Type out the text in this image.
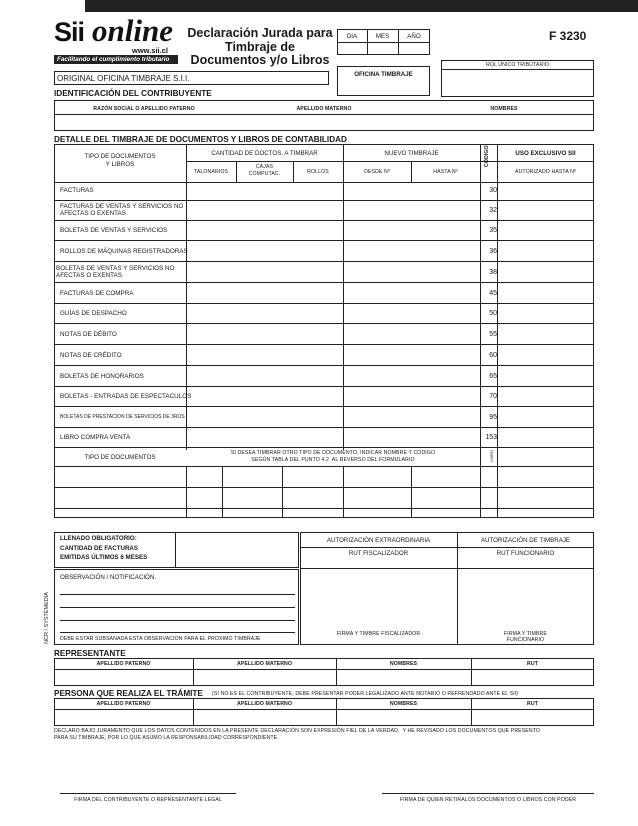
Sii online
www.sii.cl
Facilitando el cumplimiento tributario
Declaración Jurada para
Timbraje de
Documentos y/o Libros
DIA	MES	AÑO	F 3230
OFICINA TIMBRAJE
ROL ÚNICO TRIBUTARIO
ORIGINAL OFICINA TIMBRAJE S.I.I.
IDENTIFICACIÓN DEL CONTRIBUYENTE
RAZÓN SOCIAL O APELLIDO PATERNO	APELLIDO MATERNO	NOMBRES
DETALLE DEL TIMBRAJE DE DOCUMENTOS Y LIBROS DE CONTABILIDAD
TIPO DE DOCUMENTOS
Y LIBROS
CANTIDAD DE DOCTOS. A TIMBRAR	NUEVO TIMBRAJE	CÓDIGO	USO EXCLUSIVO SII
TALONARIOS
CAJAS
COMPUTAC.	ROLLOS	DESDE Nº	HASTA Nº	AUTORIZADO HASTA Nº
FACTURAS	30
FACTURAS DE VENTAS Y SERVICIOS NO
AFECTAS O EXENTAS	32
BOLETAS DE VENTAS Y SERVICIOS	35
ROLLOS DE MÁQUINAS REGISTRADORAS	36
BOLETAS DE VENTAS Y SERVICIOS NO
AFECTAS O EXENTAS	38
FACTURAS DE COMPRA	45
GUÍAS DE DESPACHO	50
NOTAS DE DÉBITO	55
NOTAS DE CRÉDITO	60
BOLETAS DE HONORARIOS	65
BOLETAS - ENTRADAS DE ESPECTACULOS	70
BOLETAS DE PRESTACION DE SERVICIOS DE 3ROS	95
LIBRO COMPRA VENTA	153
TIPO DE DOCUMENTOS
SI DESEA TIMBRAR OTRO TIPO DE DOCUMENTO, INDICAR NOMBRE Y CÓDIGO
SEGÚN TABLA DEL PUNTO 4.2  AL REVERSO DEL FORMULARIO	LIBRO
LLENADO OBLIGATORIO:
CANTIDAD DE FACTURAS
EMITIDAS ÚLTIMOS 6 MESES
OBSERVACIÓN / NOTIFICACIÓN.
DEBE ESTAR SUBSANADA ESTA OBSERVACION PARA EL PROXIMO TIMBRAJE
NCR / SYSTEMEDIA
AUTORIZACIÓN EXTRAORDINARIA	AUTORIZACIÓN DE TIMBRAJE
RUT FISCALIZADOR	RUT FUNCIONARIO
FIRMA Y TIMBRE FISCALIZADOR	FIRMA Y TIMBRE
FUNCIONARIO
REPRESENTANTE
APELLIDO PATERNO	APELLIDO MATERNO	NOMBRES	RUT
PERSONA QUE REALIZA EL TRÁMITE (SÍ NO ES EL CONTRIBUYENTE, DEBE PRESENTAR PODER LEGALIZADO ANTE NOTARIO O REFRENDADO ANTE EL SII)
APELLIDO PATERNO	APELLIDO MATERNO	NOMBRES	RUT
DECLARO BAJO JURAMENTO QUE LOS DATOS CONTENIDOS EN LA PRESENTE DECLARACIÓN SON EXPRESIÓN FIEL DE LA VERDAD,  Y HE REVISADO LOS DOCUMENTOS QUE PRESENTO
PARA SU TIMBRAJE, POR LO QUE ASUMO LA RESPONSABILIDAD CORRESPONDIENTE.
FIRMA DEL CONTRIBUYENTE O REPRESENTANTE LEGAL	FIRMA DE QUIEN RETIRALOS DOCUMENTOS O LIBROS CON PODER
